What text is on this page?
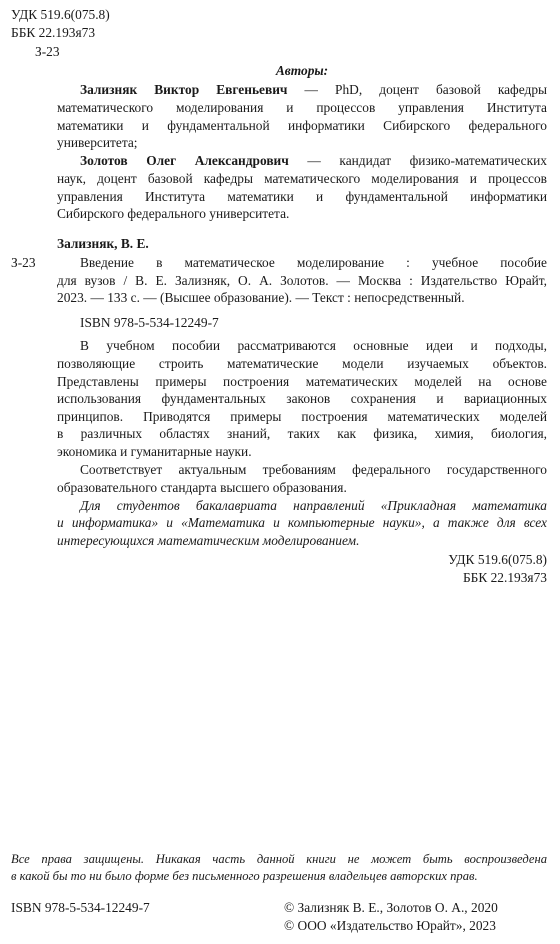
УДК 519.6(075.8)
ББК 22.193я73
З-23
Авторы:
Зализняк Виктор Евгеньевич — PhD, доцент базовой кафедры
математического моделирования и процессов управления Института
математики и фундаментальной информатики Сибирского федерального
университета;
Золотов Олег Александрович — кандидат физико-математических
наук, доцент базовой кафедры математического моделирования и процессов
управления Института математики и фундаментальной информатики
Сибирского федерального университета.
Зализняк, В. Е.
З-23	Введение в математическое моделирование : учебное пособие
для вузов / В. Е. Зализняк, О. А. Золотов. — Москва : Издательство Юрайт,
2023. — 133 с. — (Высшее образование). — Текст : непосредственный.
ISBN 978-5-534-12249-7
В учебном пособии рассматриваются основные идеи и подходы,
позволяющие строить математические модели изучаемых объектов.
Представлены примеры построения математических моделей на основе
использования фундаментальных законов сохранения и вариационных
принципов. Приводятся примеры построения математических моделей
в различных областях знаний, таких как физика, химия, биология,
экономика и гуманитарные науки.
Соответствует актуальным требованиям федерального государственного
образовательного стандарта высшего образования.
Для студентов бакалавриата направлений «Прикладная математика
и информатика» и «Математика и компьютерные науки», а также для всех
интересующихся математическим моделированием.
УДК 519.6(075.8)
ББК 22.193я73
Все права защищены. Никакая часть данной книги не может быть воспроизведена
в какой бы то ни было форме без письменного разрешения владельцев авторских прав.
ISBN 978-5-534-12249-7	© Зализняк В. Е., Золотов О. А., 2020
© ООО «Издательство Юрайт», 2023
